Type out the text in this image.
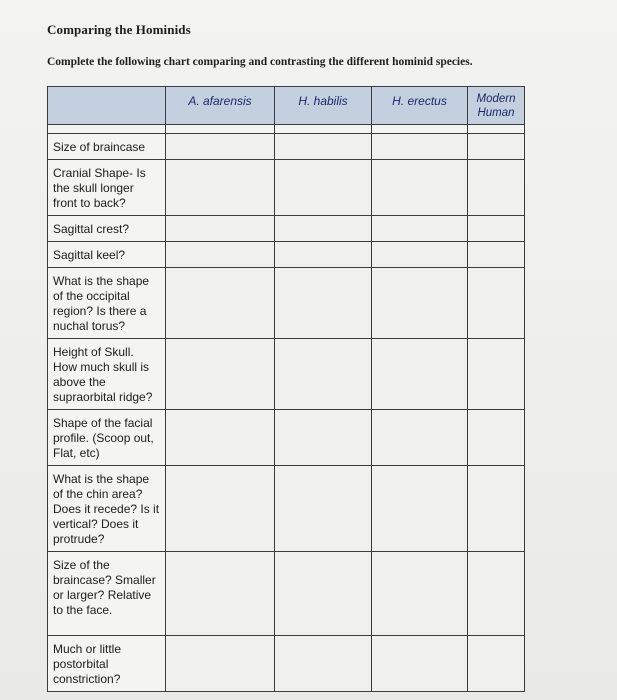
Comparing the Hominids
Complete the following chart comparing and contrasting the different hominid species.
	A. afarensis	H. habilis	H. erectus	Modern Human

Size of braincase				
Cranial Shape- Is the skull longer front to back?				
Sagittal crest?				
Sagittal keel?				
What is the shape of the occipital region? Is there a nuchal torus?				
Height of Skull. How much skull is above the supraorbital ridge?				
Shape of the facial profile. (Scoop out, Flat, etc)				
What is the shape of the chin area? Does it recede? Is it vertical? Does it protrude?				
Size of the braincase? Smaller or larger? Relative to the face.				
Much or little postorbital constriction?				
